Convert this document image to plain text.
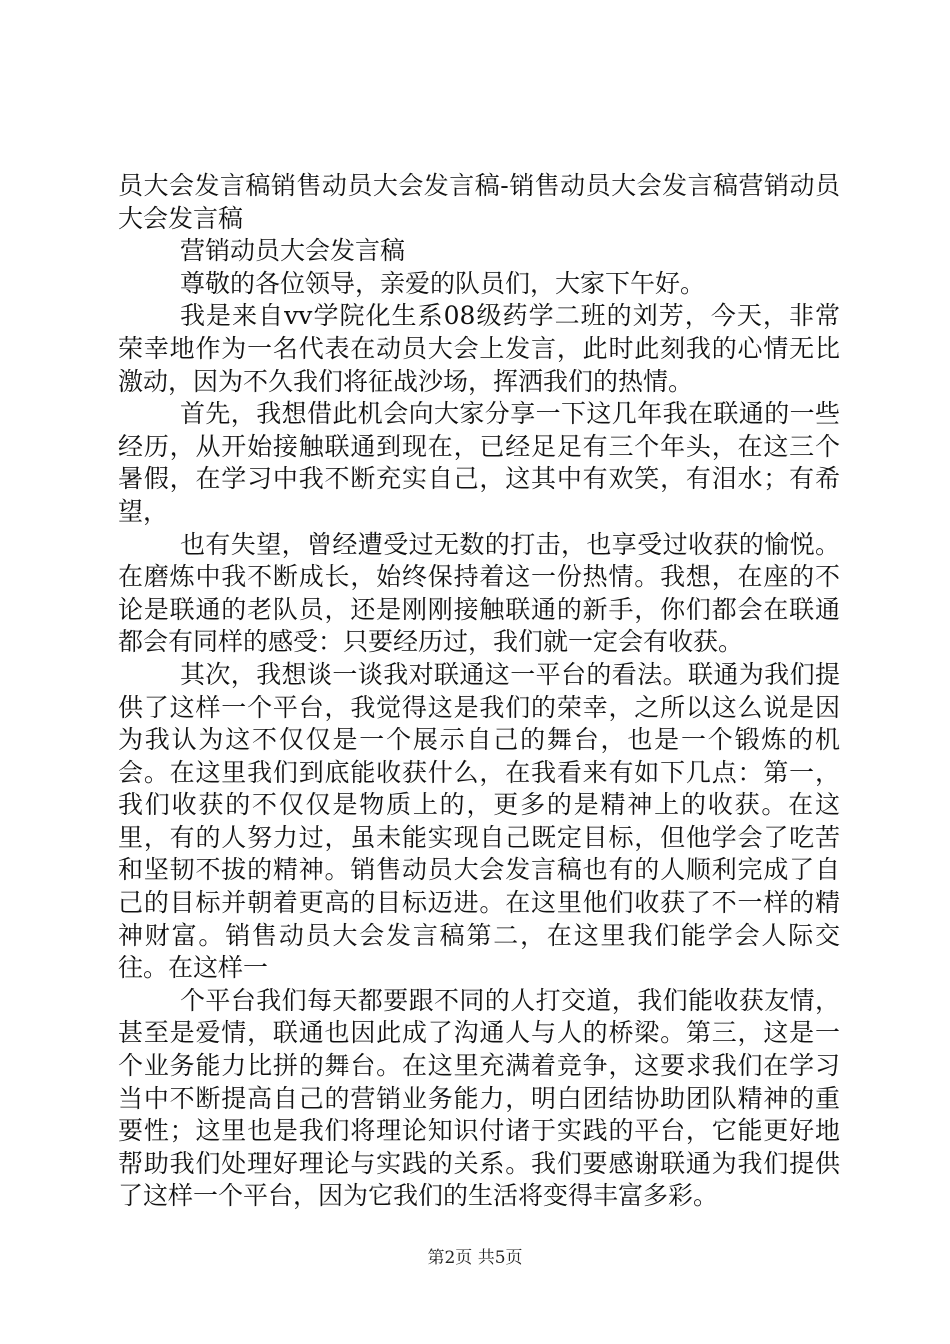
员大会发言稿销售动员大会发言稿-销售动员大会发言稿营销动员大会发言稿

营销动员大会发言稿

尊敬的各位领导，亲爱的队员们，大家下午好。

我是来自vv学院化生系08级药学二班的刘芳，今天，非常荣幸地作为一名代表在动员大会上发言，此时此刻我的心情无比激动，因为不久我们将征战沙场，挥洒我们的热情。

首先，我想借此机会向大家分享一下这几年我在联通的一些经历，从开始接触联通到现在，已经足足有三个年头，在这三个暑假，在学习中我不断充实自己，这其中有欢笑，有泪水；有希望，

也有失望，曾经遭受过无数的打击，也享受过收获的愉悦。在磨炼中我不断成长，始终保持着这一份热情。我想，在座的不论是联通的老队员，还是刚刚接触联通的新手，你们都会在联通都会有同样的感受：只要经历过，我们就一定会有收获。

其次，我想谈一谈我对联通这一平台的看法。联通为我们提供了这样一个平台，我觉得这是我们的荣幸，之所以这么说是因为我认为这不仅仅是一个展示自己的舞台，也是一个锻炼的机会。在这里我们到底能收获什么，在我看来有如下几点：第一，我们收获的不仅仅是物质上的，更多的是精神上的收获。在这里，有的人努力过，虽未能实现自己既定目标，但他学会了吃苦和坚韧不拔的精神。销售动员大会发言稿也有的人顺利完成了自己的目标并朝着更高的目标迈进。在这里他们收获了不一样的精神财富。销售动员大会发言稿第二，在这里我们能学会人际交往。在这样一

个平台我们每天都要跟不同的人打交道，我们能收获友情，甚至是爱情，联通也因此成了沟通人与人的桥梁。第三，这是一个业务能力比拼的舞台。在这里充满着竞争，这要求我们在学习当中不断提高自己的营销业务能力，明白团结协助团队精神的重要性；这里也是我们将理论知识付诸于实践的平台，它能更好地帮助我们处理好理论与实践的关系。我们要感谢联通为我们提供了这样一个平台，因为它我们的生活将变得丰富多彩。

第2页 共5页
